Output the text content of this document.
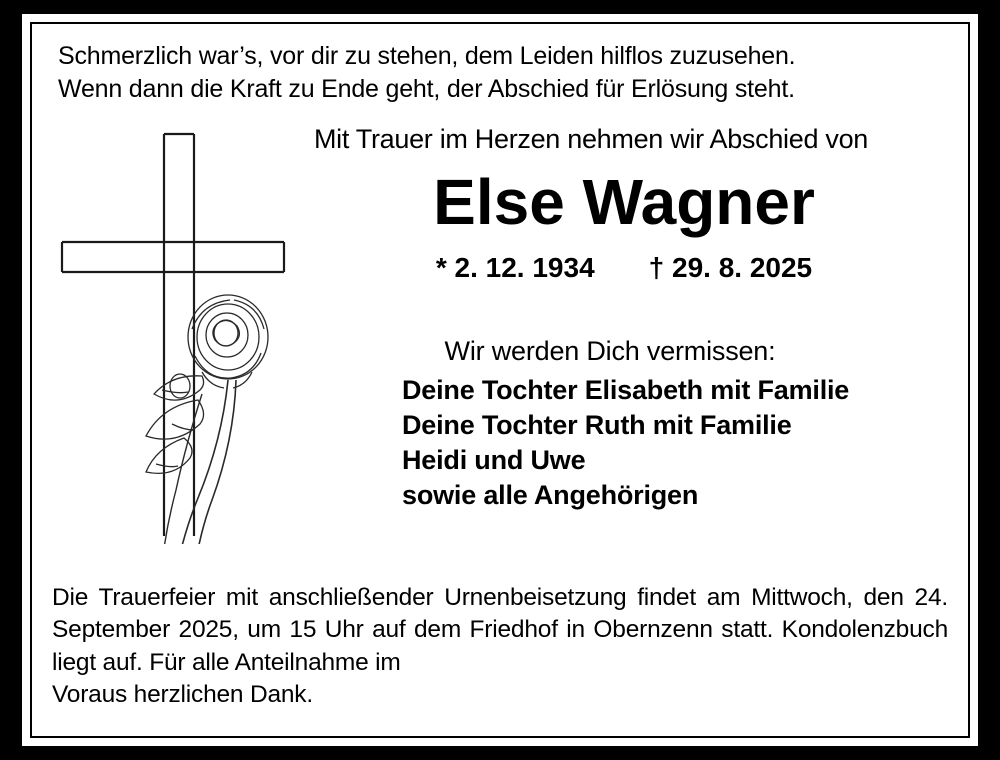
Schmerzlich war’s, vor dir zu stehen, dem Leiden hilflos zuzusehen.
Wenn dann die Kraft zu Ende geht, der Abschied für Erlösung steht.
Mit Trauer im Herzen nehmen wir Abschied von
Else Wagner
* 2. 12. 1934 † 29. 8. 2025
Wir werden Dich vermissen:
Deine Tochter Elisabeth mit Familie
Deine Tochter Ruth mit Familie
Heidi und Uwe
sowie alle Angehörigen
Die Trauerfeier mit anschließender Urnenbeisetzung findet am Mittwoch, den 24. September 2025, um 15 Uhr auf dem Friedhof in Obernzenn statt. Kondolenzbuch liegt auf. Für alle Anteilnahme im
Voraus herzlichen Dank.
